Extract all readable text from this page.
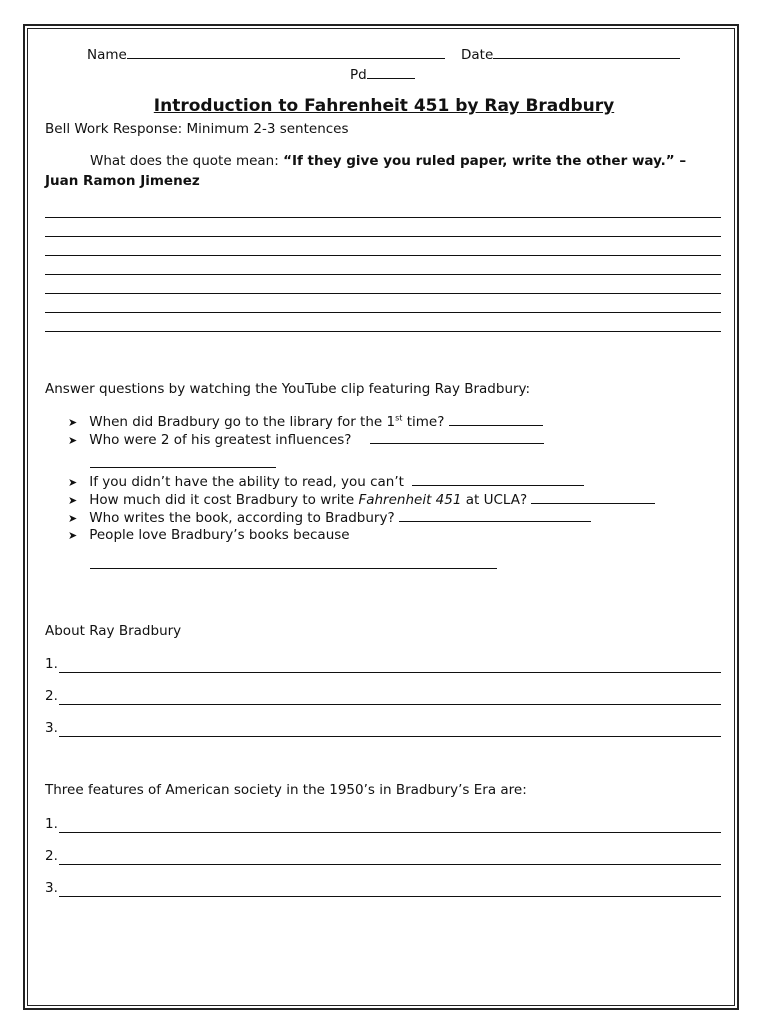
Name	Date
Pd
Introduction to Fahrenheit 451 by Ray Bradbury
Bell Work Response: Minimum 2-3 sentences
What does the quote mean: “If they give you ruled paper, write the other way.” –
Juan Ramon Jimenez
Answer questions by watching the YouTube clip featuring Ray Bradbury:
➤ When did Bradbury go to the library for the 1st time?
➤ Who were 2 of his greatest influences?
➤ If you didn’t have the ability to read, you can’t
➤ How much did it cost Bradbury to write Fahrenheit 451 at UCLA?
➤ Who writes the book, according to Bradbury?
➤ People love Bradbury’s books because
About Ray Bradbury
1.
2.
3.
Three features of American society in the 1950’s in Bradbury’s Era are:
1.
2.
3.
